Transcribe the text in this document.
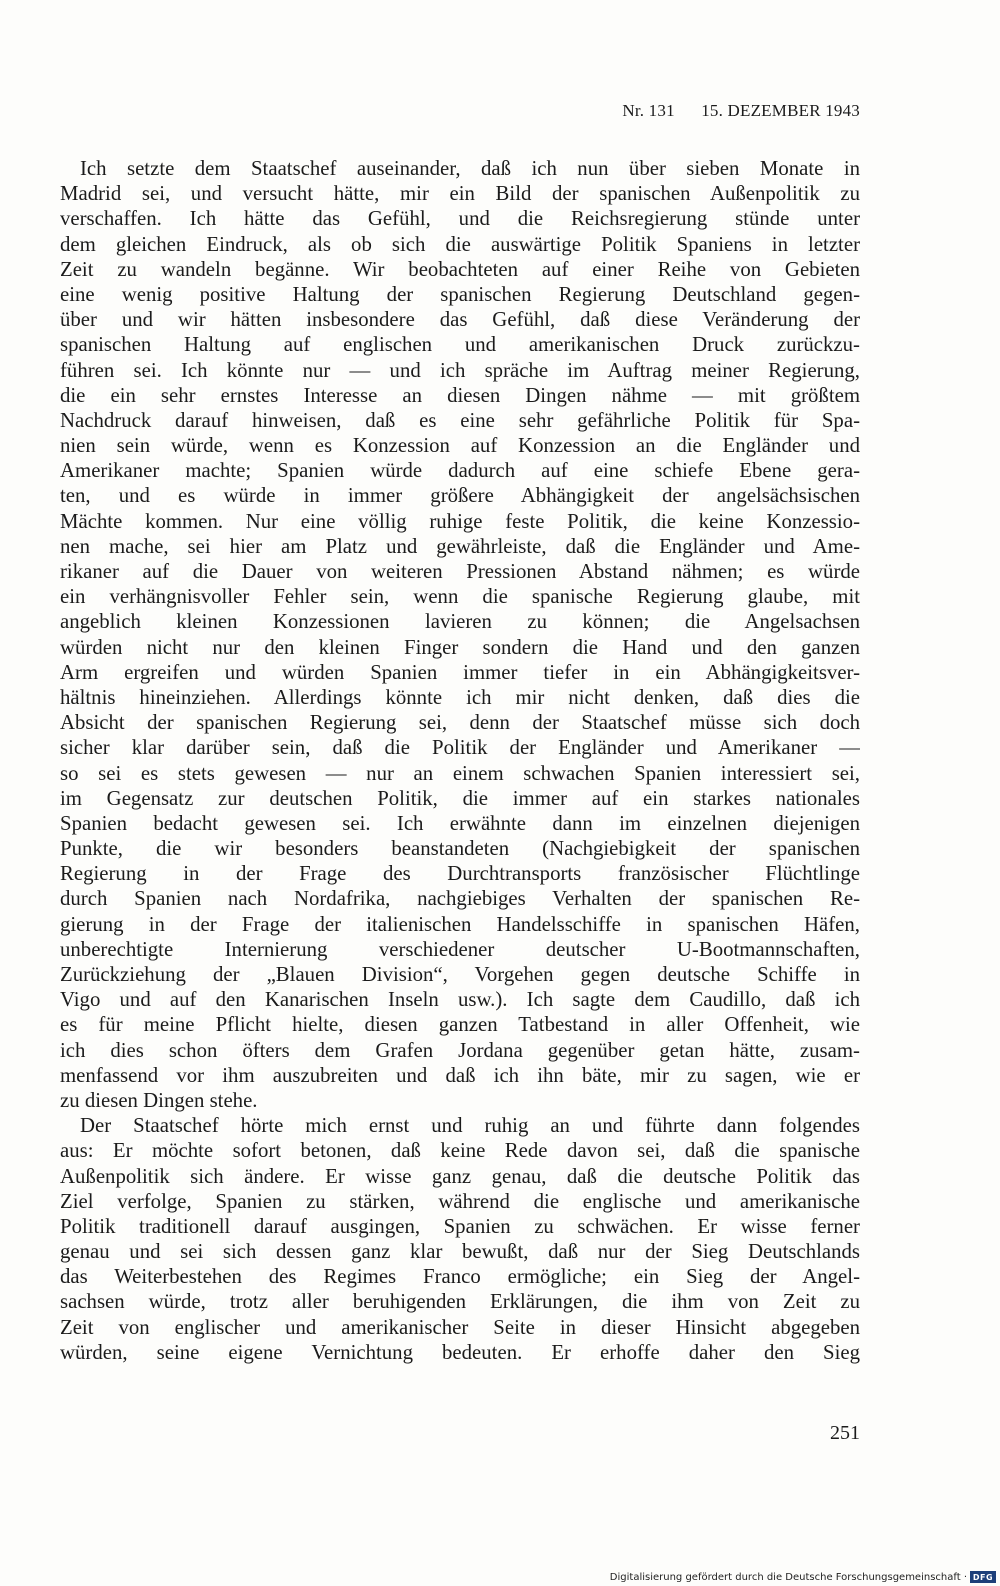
Nr. 131 15. DEZEMBER 1943
Ich setzte dem Staatschef auseinander, daß ich nun über sieben Monate in
Madrid sei, und versucht hätte, mir ein Bild der spanischen Außenpolitik zu
verschaffen. Ich hätte das Gefühl, und die Reichsregierung stünde unter
dem gleichen Eindruck, als ob sich die auswärtige Politik Spaniens in letzter
Zeit zu wandeln begänne. Wir beobachteten auf einer Reihe von Gebieten
eine wenig positive Haltung der spanischen Regierung Deutschland gegen-
über und wir hätten insbesondere das Gefühl, daß diese Veränderung der
spanischen Haltung auf englischen und amerikanischen Druck zurückzu-
führen sei. Ich könnte nur — und ich spräche im Auftrag meiner Regierung,
die ein sehr ernstes Interesse an diesen Dingen nähme — mit größtem
Nachdruck darauf hinweisen, daß es eine sehr gefährliche Politik für Spa-
nien sein würde, wenn es Konzession auf Konzession an die Engländer und
Amerikaner machte; Spanien würde dadurch auf eine schiefe Ebene gera-
ten, und es würde in immer größere Abhängigkeit der angelsächsischen
Mächte kommen. Nur eine völlig ruhige feste Politik, die keine Konzessio-
nen mache, sei hier am Platz und gewährleiste, daß die Engländer und Ame-
rikaner auf die Dauer von weiteren Pressionen Abstand nähmen; es würde
ein verhängnisvoller Fehler sein, wenn die spanische Regierung glaube, mit
angeblich kleinen Konzessionen lavieren zu können; die Angelsachsen
würden nicht nur den kleinen Finger sondern die Hand und den ganzen
Arm ergreifen und würden Spanien immer tiefer in ein Abhängigkeitsver-
hältnis hineinziehen. Allerdings könnte ich mir nicht denken, daß dies die
Absicht der spanischen Regierung sei, denn der Staatschef müsse sich doch
sicher klar darüber sein, daß die Politik der Engländer und Amerikaner —
so sei es stets gewesen — nur an einem schwachen Spanien interessiert sei,
im Gegensatz zur deutschen Politik, die immer auf ein starkes nationales
Spanien bedacht gewesen sei. Ich erwähnte dann im einzelnen diejenigen
Punkte, die wir besonders beanstandeten (Nachgiebigkeit der spanischen
Regierung in der Frage des Durchtransports französischer Flüchtlinge
durch Spanien nach Nordafrika, nachgiebiges Verhalten der spanischen Re-
gierung in der Frage der italienischen Handelsschiffe in spanischen Häfen,
unberechtigte Internierung verschiedener deutscher U-Bootmannschaften,
Zurückziehung der „Blauen Division“, Vorgehen gegen deutsche Schiffe in
Vigo und auf den Kanarischen Inseln usw.). Ich sagte dem Caudillo, daß ich
es für meine Pflicht hielte, diesen ganzen Tatbestand in aller Offenheit, wie
ich dies schon öfters dem Grafen Jordana gegenüber getan hätte, zusam-
menfassend vor ihm auszubreiten und daß ich ihn bäte, mir zu sagen, wie er
zu diesen Dingen stehe.
Der Staatschef hörte mich ernst und ruhig an und führte dann folgendes
aus: Er möchte sofort betonen, daß keine Rede davon sei, daß die spanische
Außenpolitik sich ändere. Er wisse ganz genau, daß die deutsche Politik das
Ziel verfolge, Spanien zu stärken, während die englische und amerikanische
Politik traditionell darauf ausgingen, Spanien zu schwächen. Er wisse ferner
genau und sei sich dessen ganz klar bewußt, daß nur der Sieg Deutschlands
das Weiterbestehen des Regimes Franco ermögliche; ein Sieg der Angel-
sachsen würde, trotz aller beruhigenden Erklärungen, die ihm von Zeit zu
Zeit von englischer und amerikanischer Seite in dieser Hinsicht abgegeben
würden, seine eigene Vernichtung bedeuten. Er erhoffe daher den Sieg
251
Digitalisierung gefördert durch die Deutsche Forschungsgemeinschaft · DFG
